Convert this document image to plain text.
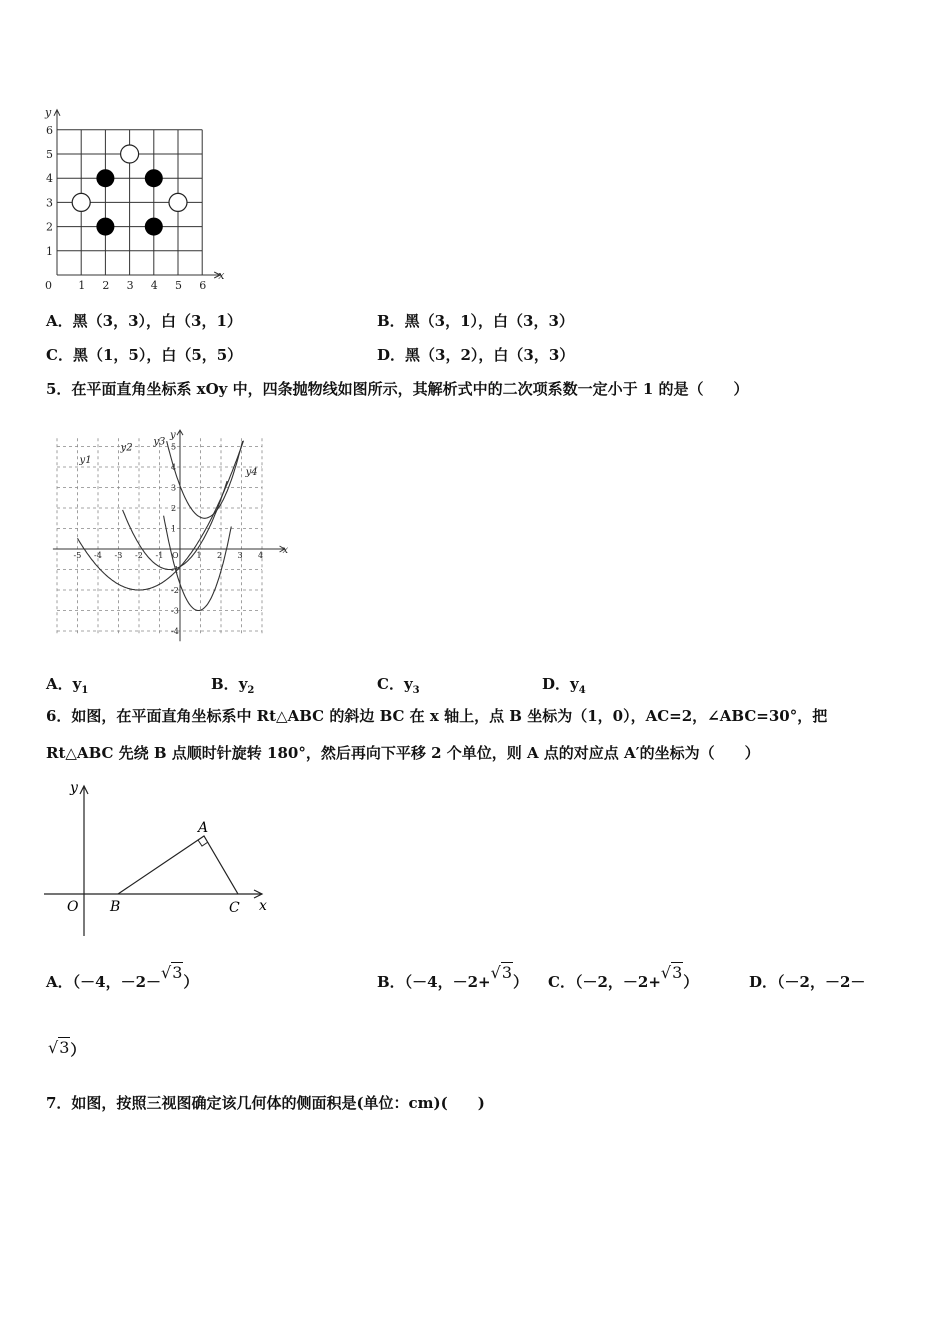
0 1 2 3 4 5 6
1
2
3
4
5
6
x
y
A．黑（3，3），白（3，1）	B．黑（3，1），白（3，3）
C．黑（1，5），白（5，5）	D．黑（3，2），白（3，3）
5．在平面直角坐标系 xOy 中，四条抛物线如图所示，其解析式中的二次项系数一定小于 1 的是（　　）
-5 -4 -3 -2 -1	1 2 3 4
5
4
3
2
1
-1
-2
-3
-4
O	x
y
y1
y2
y3
y4
A．$y_1$	B．$y_2$	C．$y_3$	D．$y_4$
6．如图，在平面直角坐标系中 Rt△ABC 的斜边 BC 在 x 轴上，点 B 坐标为（1，0），AC=2，∠ABC=30°，把
Rt△ABC 先绕 B 点顺时针旋转 180°，然后再向下平移 2 个单位，则 A 点的对应点 A′的坐标为（　　）
y
x
O B
A
C
A．（－4，－2－√3）	B．（－4，－2+√3） C．（－2，－2+√3）	D．（－2，－2－
√3）
7．如图，按照三视图确定该几何体的侧面积是(单位：cm)(　　)
